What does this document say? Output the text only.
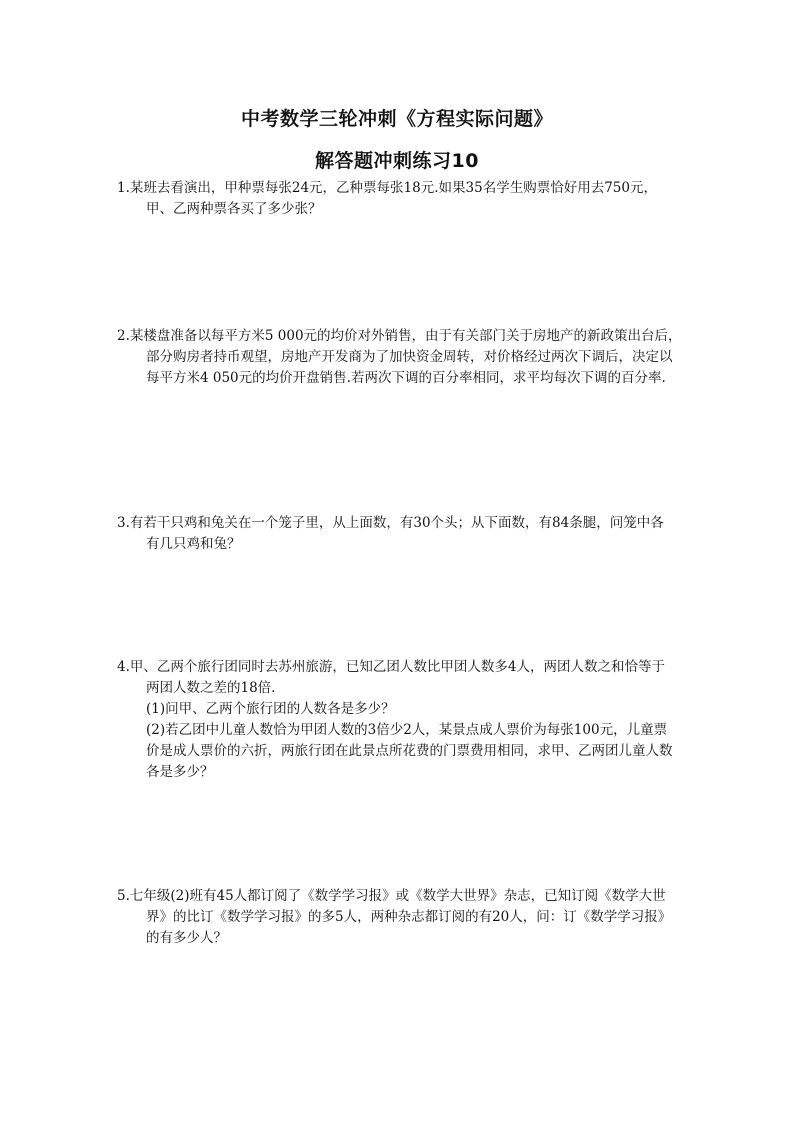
中考数学三轮冲刺《方程实际问题》
解答题冲刺练习10
1.某班去看演出，甲种票每张24元，乙种票每张18元.如果35名学生购票恰好用去750元，
甲、乙两种票各买了多少张？
2.某楼盘准备以每平方米5 000元的均价对外销售，由于有关部门关于房地产的新政策出台后，
部分购房者持币观望，房地产开发商为了加快资金周转，对价格经过两次下调后，决定以
每平方米4 050元的均价开盘销售.若两次下调的百分率相同，求平均每次下调的百分率.
3.有若干只鸡和兔关在一个笼子里，从上面数，有30个头；从下面数，有84条腿，问笼中各
有几只鸡和兔？
4.甲、乙两个旅行团同时去苏州旅游，已知乙团人数比甲团人数多4人，两团人数之和恰等于
两团人数之差的18倍.
(1)问甲、乙两个旅行团的人数各是多少？
(2)若乙团中儿童人数恰为甲团人数的3倍少2人，某景点成人票价为每张100元，儿童票
价是成人票价的六折，两旅行团在此景点所花费的门票费用相同，求甲、乙两团儿童人数
各是多少？
5.七年级(2)班有45人都订阅了《数学学习报》或《数学大世界》杂志，已知订阅《数学大世
界》的比订《数学学习报》的多5人，两种杂志都订阅的有20人，问：订《数学学习报》
的有多少人？
